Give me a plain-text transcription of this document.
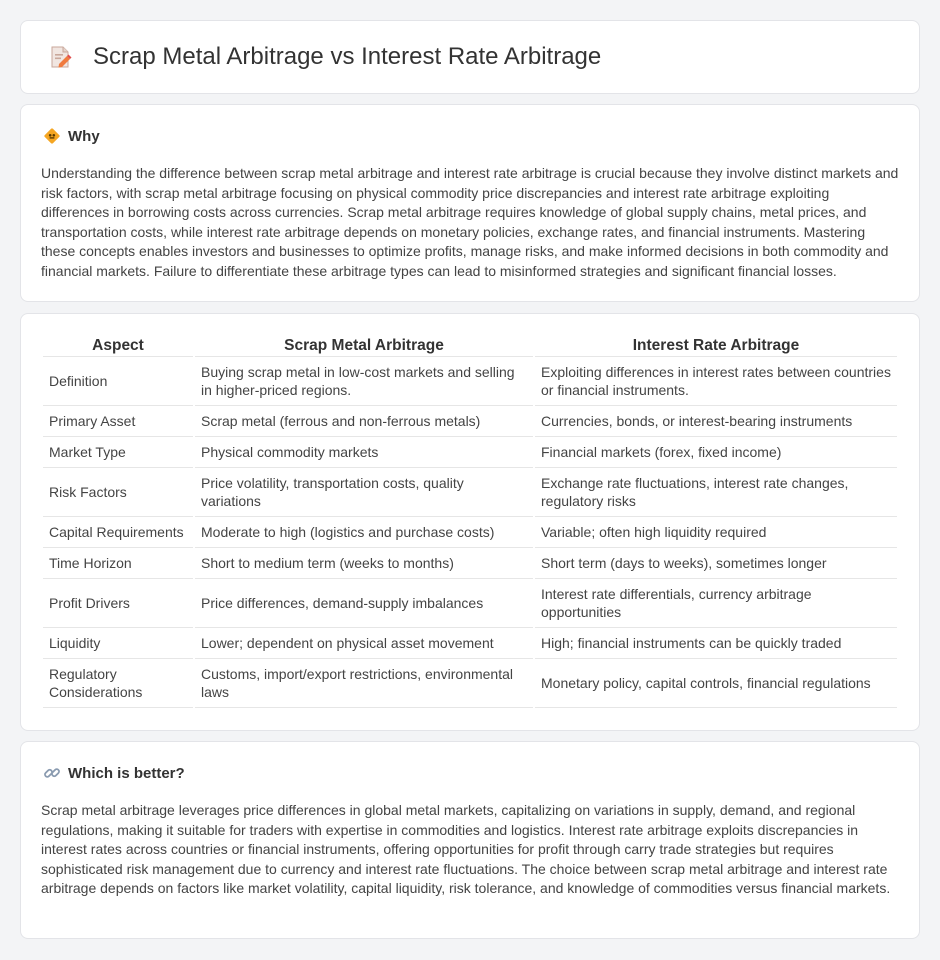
Scrap Metal Arbitrage vs Interest Rate Arbitrage
Why

Understanding the difference between scrap metal arbitrage and interest rate arbitrage is crucial because they involve distinct markets and risk factors, with scrap metal arbitrage focusing on physical commodity price discrepancies and interest rate arbitrage exploiting differences in borrowing costs across currencies. Scrap metal arbitrage requires knowledge of global supply chains, metal prices, and transportation costs, while interest rate arbitrage depends on monetary policies, exchange rates, and financial instruments. Mastering these concepts enables investors and businesses to optimize profits, manage risks, and make informed decisions in both commodity and financial markets. Failure to differentiate these arbitrage types can lead to misinformed strategies and significant financial losses.

Aspect	Scrap Metal Arbitrage	Interest Rate Arbitrage
Definition	Buying scrap metal in low-cost markets and selling in higher-priced regions.	Exploiting differences in interest rates between countries or financial instruments.
Primary Asset	Scrap metal (ferrous and non-ferrous metals)	Currencies, bonds, or interest-bearing instruments
Market Type	Physical commodity markets	Financial markets (forex, fixed income)
Risk Factors	Price volatility, transportation costs, quality variations	Exchange rate fluctuations, interest rate changes, regulatory risks
Capital Requirements	Moderate to high (logistics and purchase costs)	Variable; often high liquidity required
Time Horizon	Short to medium term (weeks to months)	Short term (days to weeks), sometimes longer
Profit Drivers	Price differences, demand-supply imbalances	Interest rate differentials, currency arbitrage opportunities
Liquidity	Lower; dependent on physical asset movement	High; financial instruments can be quickly traded
Regulatory Considerations	Customs, import/export restrictions, environmental laws	Monetary policy, capital controls, financial regulations
Which is better?

Scrap metal arbitrage leverages price differences in global metal markets, capitalizing on variations in supply, demand, and regional regulations, making it suitable for traders with expertise in commodities and logistics. Interest rate arbitrage exploits discrepancies in interest rates across countries or financial instruments, offering opportunities for profit through carry trade strategies but requires sophisticated risk management due to currency and interest rate fluctuations. The choice between scrap metal arbitrage and interest rate arbitrage depends on factors like market volatility, capital liquidity, risk tolerance, and knowledge of commodities versus financial markets.
